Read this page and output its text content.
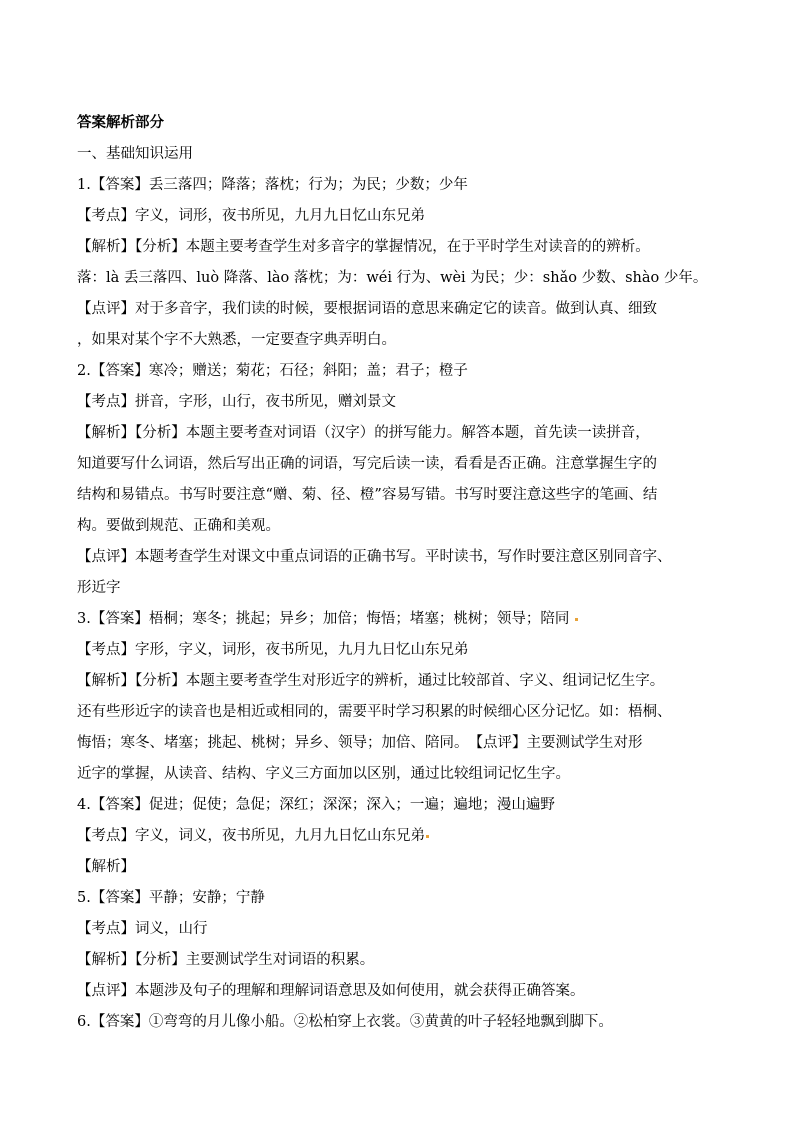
答案解析部分
一、基础知识运用
1.【答案】丢三落四；降落；落枕；行为；为民；少数；少年
【考点】字义，词形，夜书所见，九月九日忆山东兄弟
【解析】【分析】本题主要考查学生对多音字的掌握情况，在于平时学生对读音的的辨析。
落：là 丢三落四、luò 降落、lào 落枕；为：wéi 行为、wèi 为民；少：shǎo 少数、shào 少年。
【点评】对于多音字，我们读的时候，要根据词语的意思来确定它的读音。做到认真、细致
，如果对某个字不大熟悉，一定要查字典弄明白。
2.【答案】寒冷；赠送；菊花；石径；斜阳；盖；君子；橙子
【考点】拼音，字形，山行，夜书所见，赠刘景文
【解析】【分析】本题主要考查对词语（汉字）的拼写能力。解答本题，首先读一读拼音，
知道要写什么词语，然后写出正确的词语，写完后读一读，看看是否正确。注意掌握生字的
结构和易错点。书写时要注意“赠、菊、径、橙”容易写错。书写时要注意这些字的笔画、结
构。要做到规范、正确和美观。
【点评】本题考查学生对课文中重点词语的正确书写。平时读书，写作时要注意区别同音字、
形近字
3.【答案】梧桐；寒冬；挑起；异乡；加倍；悔悟；堵塞；桃树；领导；陪同
【考点】字形，字义，词形，夜书所见，九月九日忆山东兄弟
【解析】【分析】本题主要考查学生对形近字的辨析，通过比较部首、字义、组词记忆生字。
还有些形近字的读音也是相近或相同的，需要平时学习积累的时候细心区分记忆。如：梧桐、
悔悟；寒冬、堵塞；挑起、桃树；异乡、领导；加倍、陪同。　【点评】主要测试学生对形
近字的掌握，从读音、结构、字义三方面加以区别，通过比较组词记忆生字。
4.【答案】促进；促使；急促；深红；深深；深入；一遍；遍地；漫山遍野
【考点】字义，词义，夜书所见，九月九日忆山东兄弟
【解析】
5.【答案】平静；安静；宁静
【考点】词义，山行
【解析】【分析】主要测试学生对词语的积累。
【点评】本题涉及句子的理解和理解词语意思及如何使用，就会获得正确答案。
6.【答案】①弯弯的月儿像小船。②松柏穿上衣裳。③黄黄的叶子轻轻地飘到脚下。
